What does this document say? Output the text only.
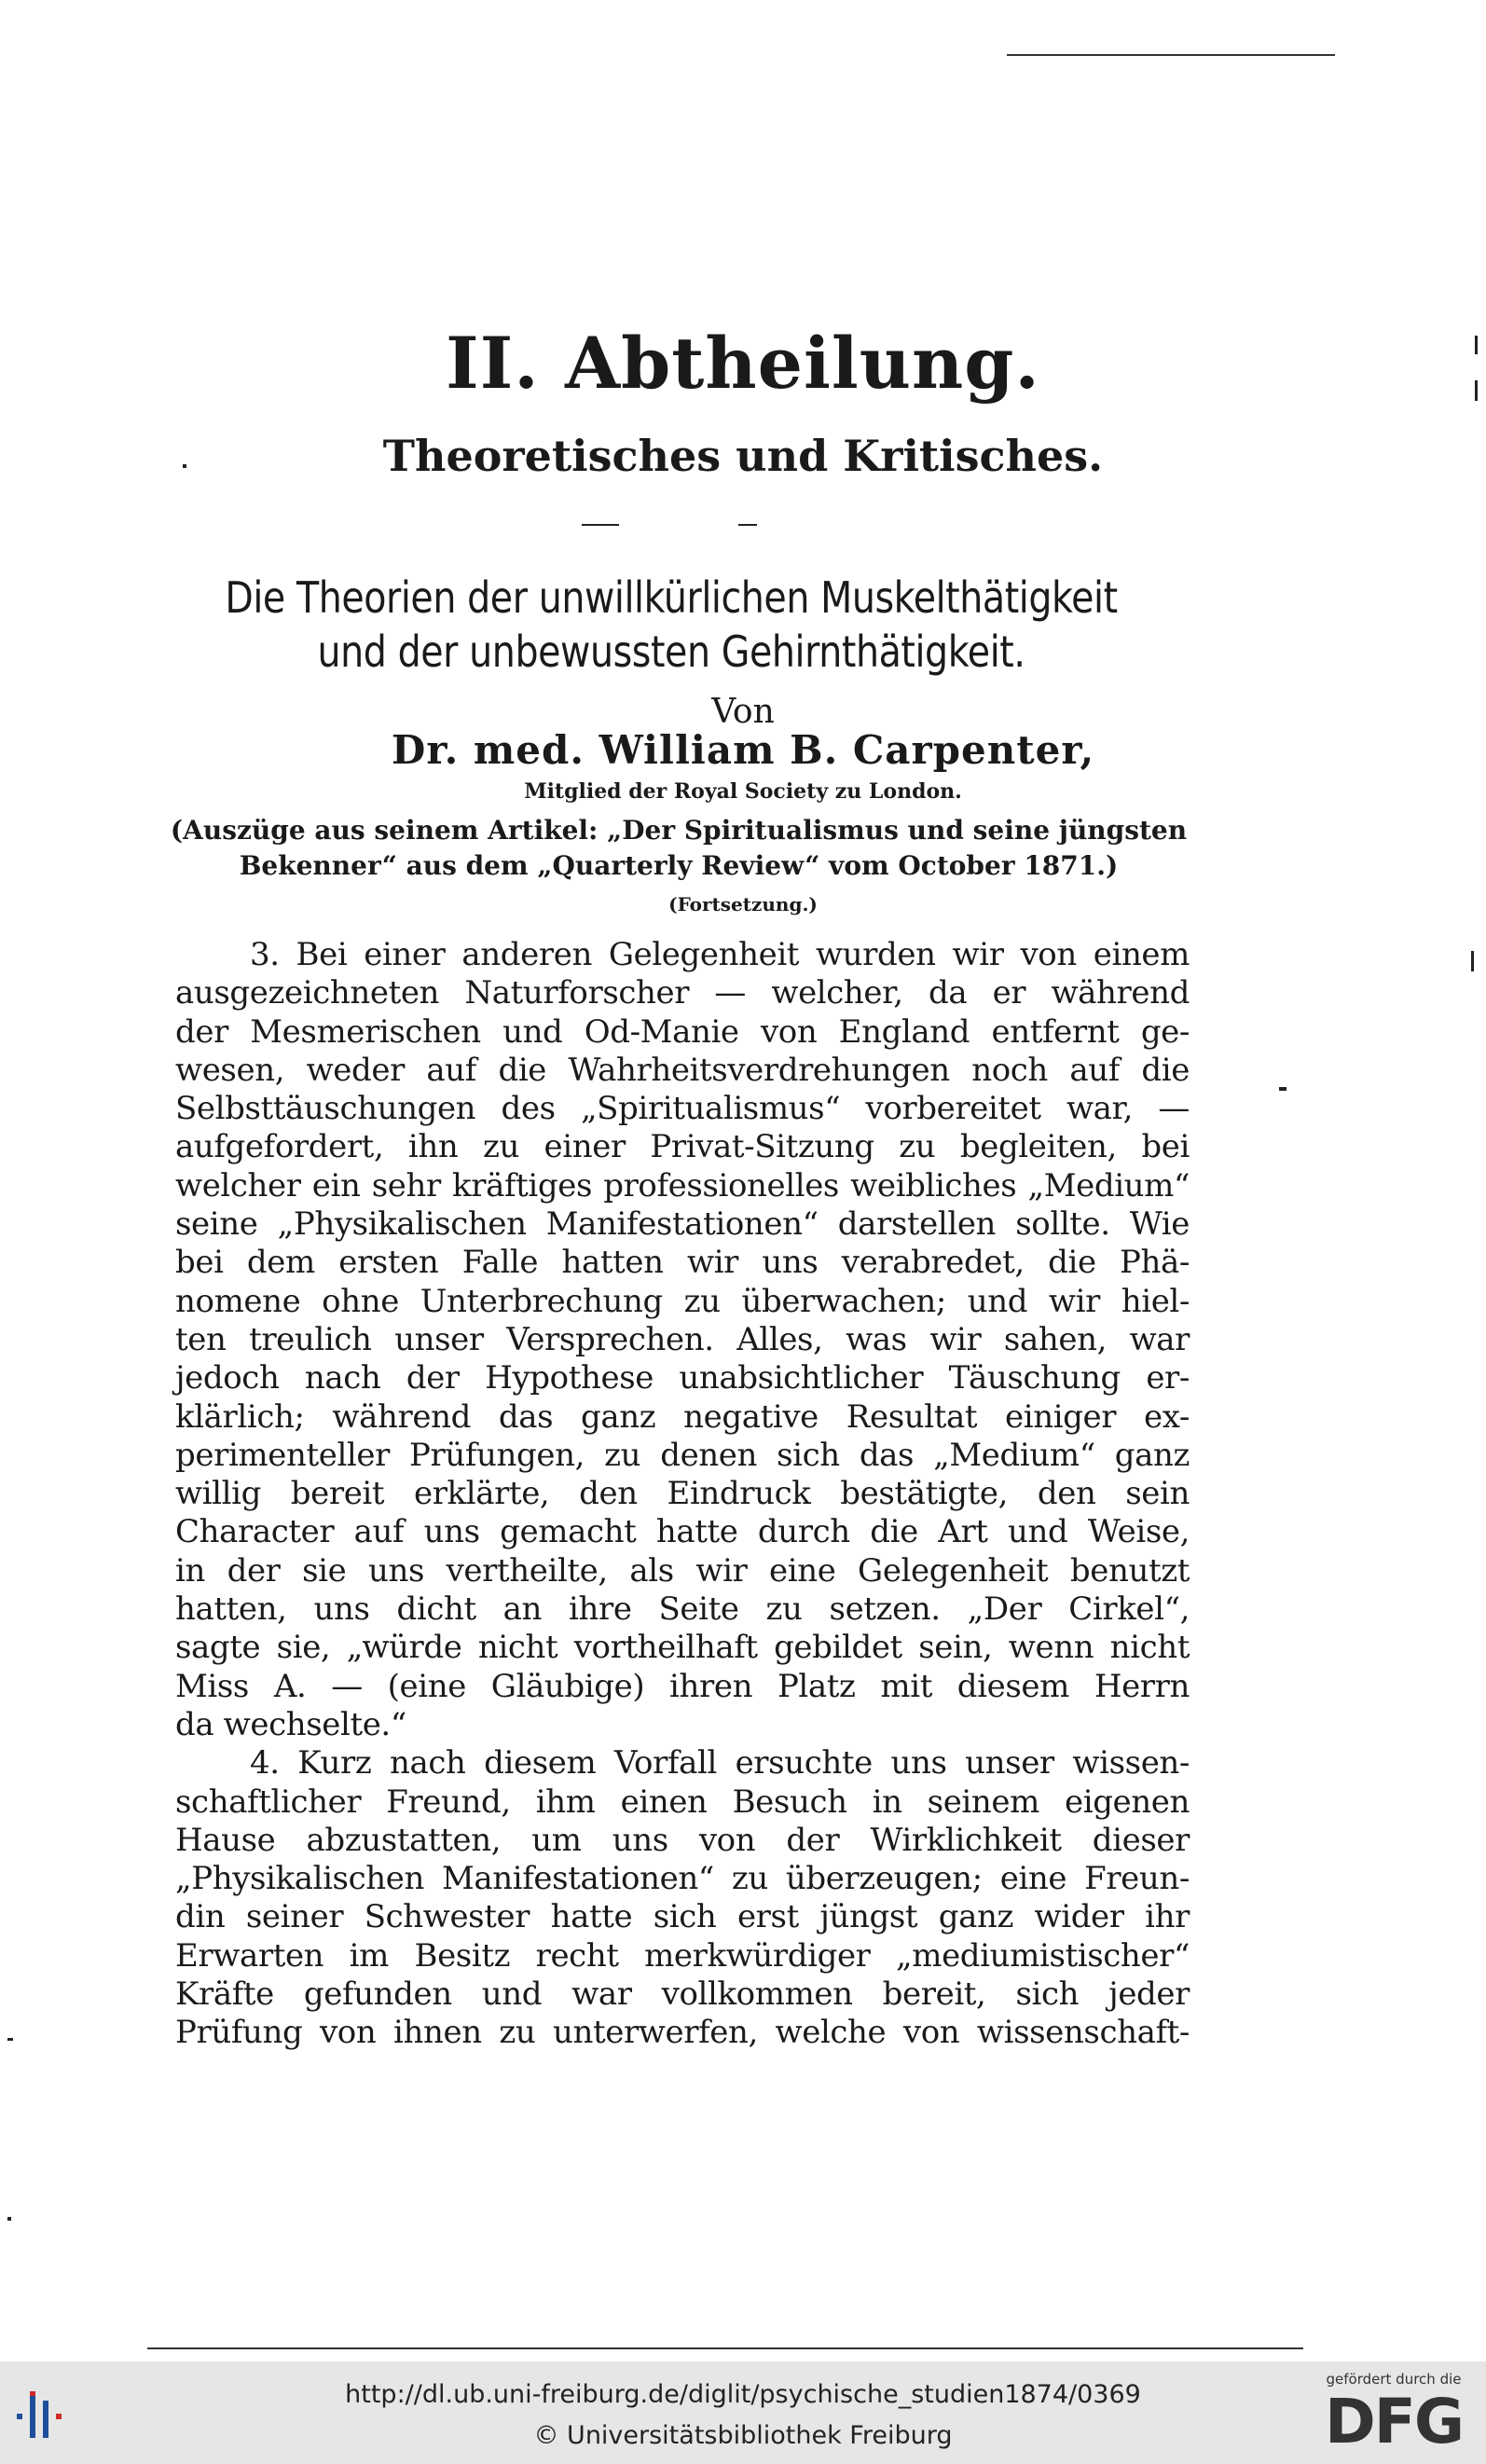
II. Abtheilung.
Theoretisches und Kritisches.
Die Theorien der unwillkürlichen Muskelthätigkeit
und der unbewussten Gehirnthätigkeit.
Von
Dr. med. William B. Carpenter,
Mitglied der Royal Society zu London.
(Auszüge aus seinem Artikel: „Der Spiritualismus und seine jüngsten
Bekenner“ aus dem „Quarterly Review“ vom October 1871.)
(Fortsetzung.)
3. Bei einer anderen Gelegenheit wurden wir von einem
ausgezeichneten Naturforscher — welcher, da er während
der Mesmerischen und Od-Manie von England entfernt ge-
wesen, weder auf die Wahrheitsverdrehungen noch auf die
Selbsttäuschungen des „Spiritualismus“ vorbereitet war, —
aufgefordert, ihn zu einer Privat-Sitzung zu begleiten, bei
welcher ein sehr kräftiges professionelles weibliches „Medium“
seine „Physikalischen Manifestationen“ darstellen sollte. Wie
bei dem ersten Falle hatten wir uns verabredet, die Phä-
nomene ohne Unterbrechung zu überwachen; und wir hiel-
ten treulich unser Versprechen. Alles, was wir sahen, war
jedoch nach der Hypothese unabsichtlicher Täuschung er-
klärlich; während das ganz negative Resultat einiger ex-
perimenteller Prüfungen, zu denen sich das „Medium“ ganz
willig bereit erklärte, den Eindruck bestätigte, den sein
Character auf uns gemacht hatte durch die Art und Weise,
in der sie uns vertheilte, als wir eine Gelegenheit benutzt
hatten, uns dicht an ihre Seite zu setzen. „Der Cirkel“,
sagte sie, „würde nicht vortheilhaft gebildet sein, wenn nicht
Miss A. — (eine Gläubige) ihren Platz mit diesem Herrn
da wechselte.“
4. Kurz nach diesem Vorfall ersuchte uns unser wissen-
schaftlicher Freund, ihm einen Besuch in seinem eigenen
Hause abzustatten, um uns von der Wirklichkeit dieser
„Physikalischen Manifestationen“ zu überzeugen; eine Freun-
din seiner Schwester hatte sich erst jüngst ganz wider ihr
Erwarten im Besitz recht merkwürdiger „mediumistischer“
Kräfte gefunden und war vollkommen bereit, sich jeder
Prüfung von ihnen zu unterwerfen, welche von wissenschaft-
http://dl.ub.uni-freiburg.de/diglit/psychische_studien1874/0369
© Universitätsbibliothek Freiburg
gefördert durch die
DFG
